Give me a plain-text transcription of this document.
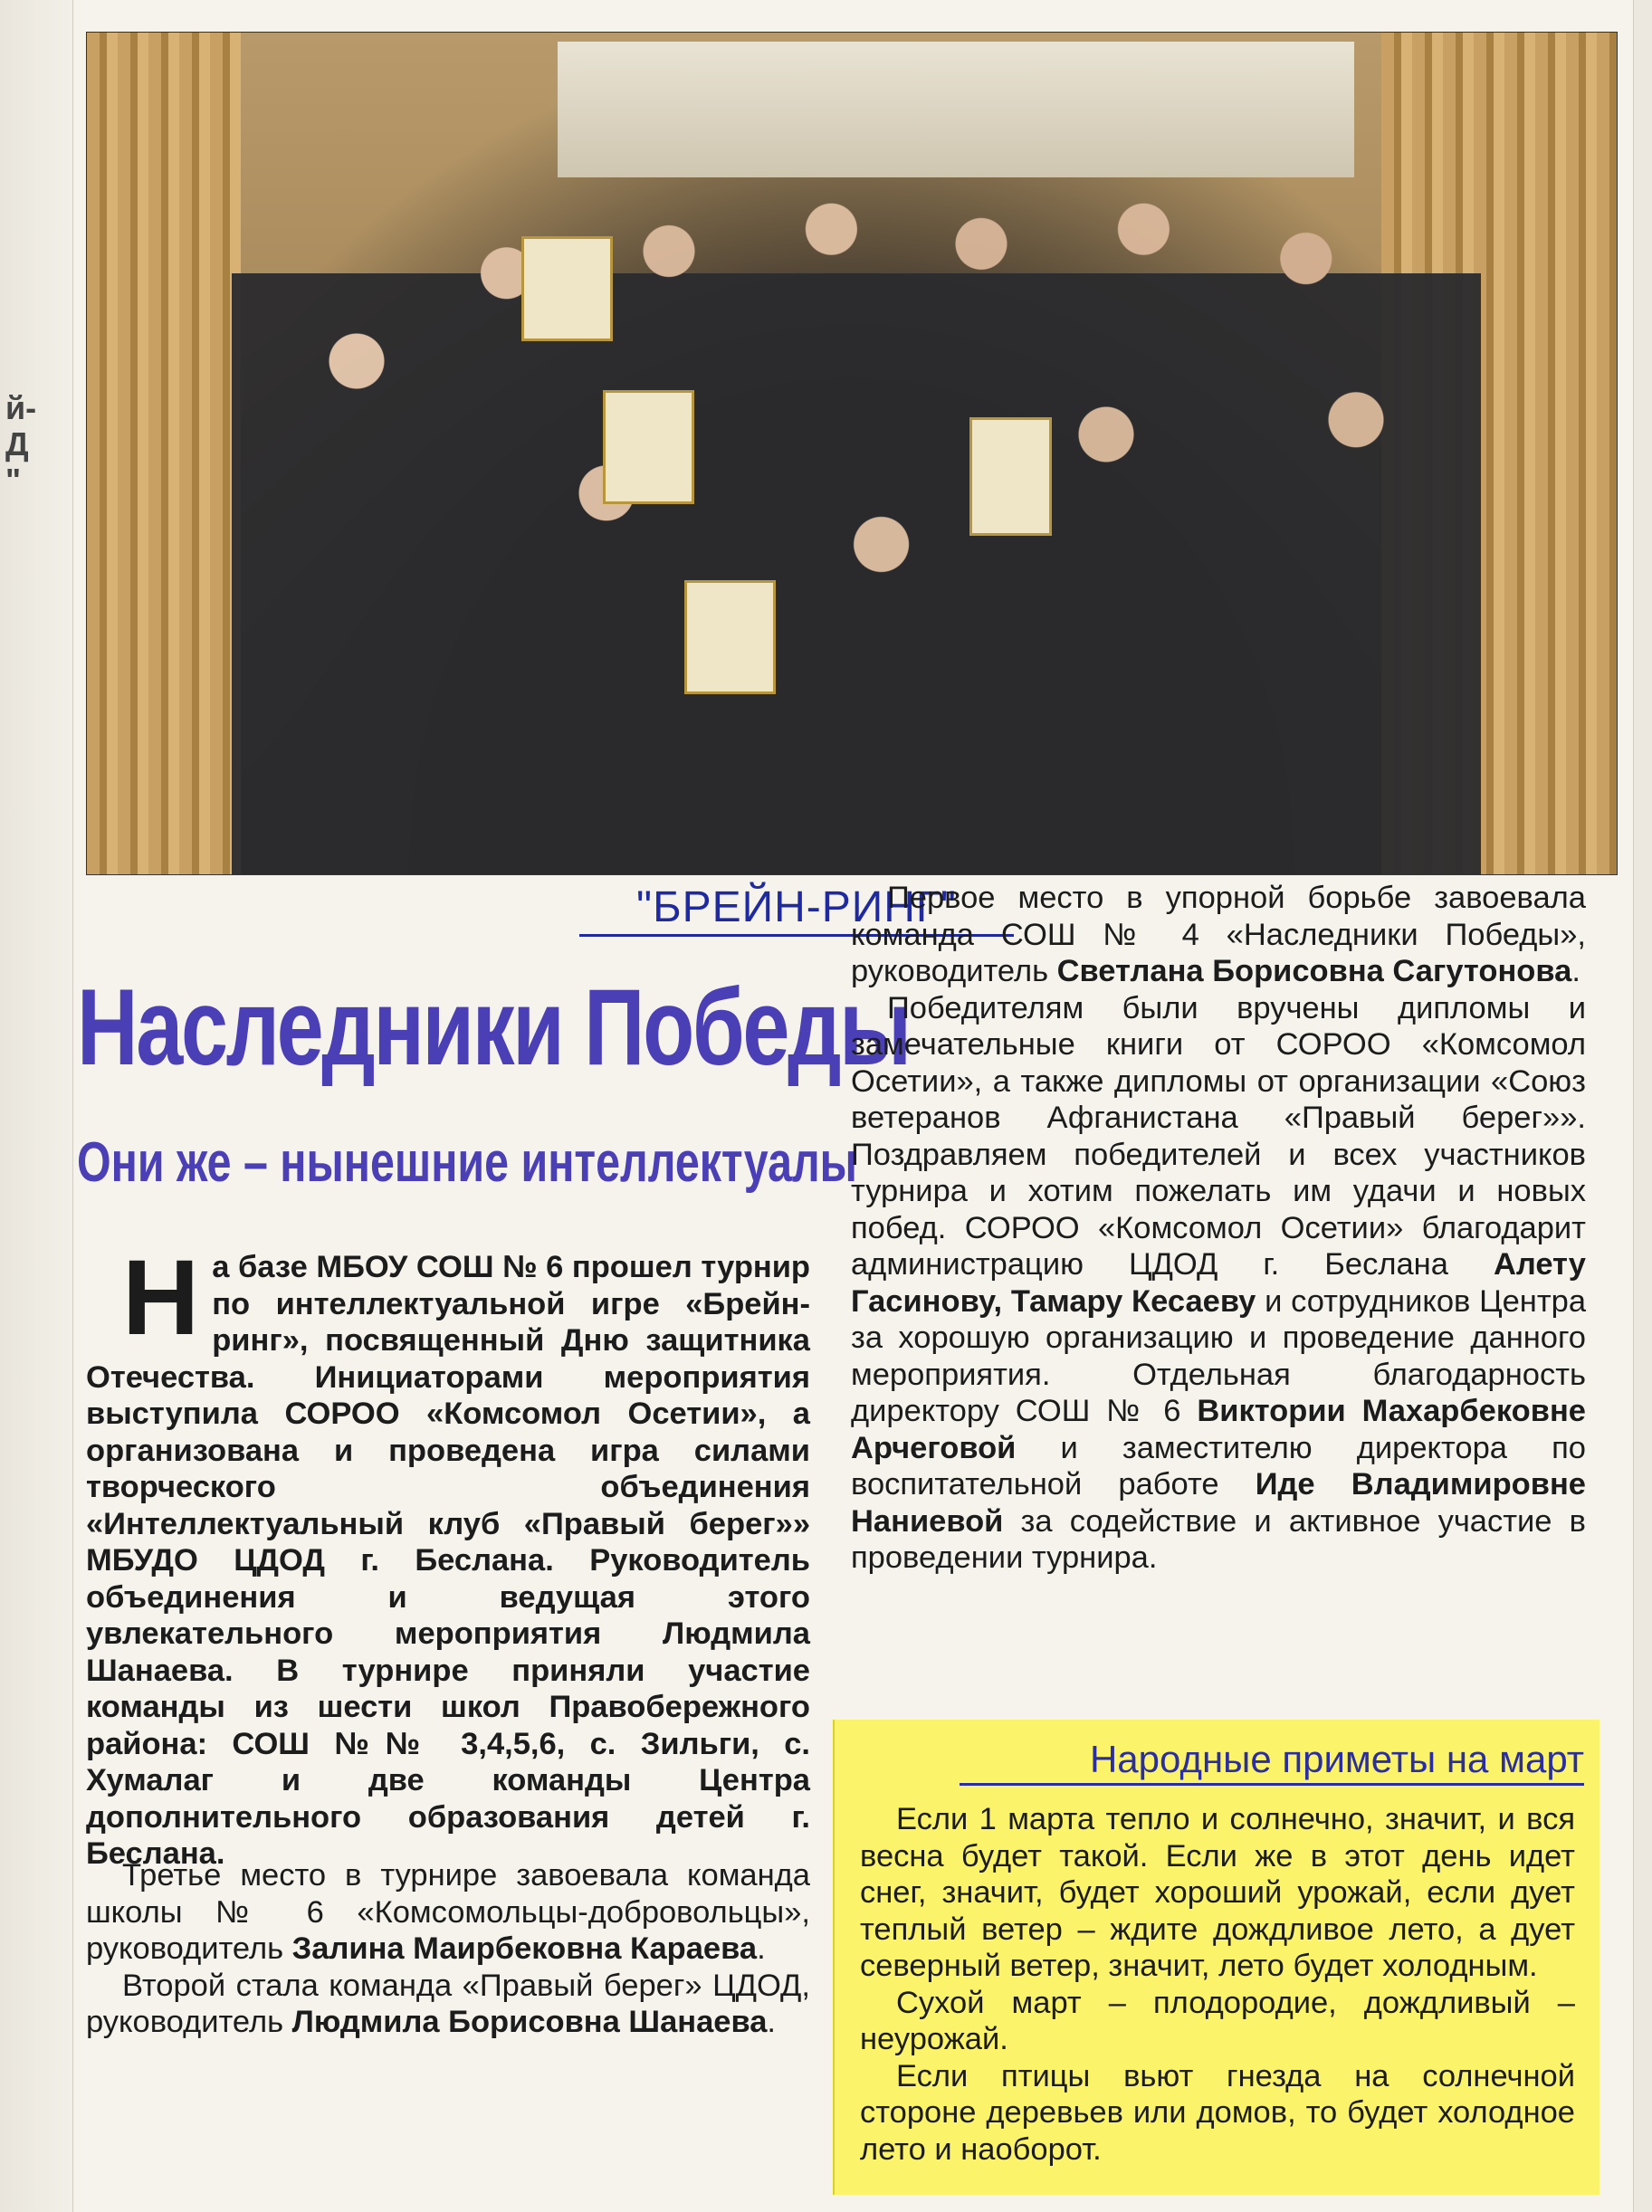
й-
Д
"
"БРЕЙН-РИНГ"
Наследники Победы
Они же – нынешние интеллектуалы

На базе МБОУ СОШ № 6 прошел турнир по интеллектуальной игре «Брейн-ринг», посвященный Дню защитника Отечества. Инициаторами мероприятия выступила СОРОО «Комсомол Осетии», а организована и проведена игра силами творческого объединения «Интеллектуальный клуб «Правый берег»» МБУДО ЦДОД г. Беслана. Руководитель объединения и ведущая этого увлекательного мероприятия Людмила Шанаева. В турнире приняли участие команды из шести школ Правобережного района: СОШ №№ 3,4,5,6, с. Зильги, с. Хумалаг и две команды Центра дополнительного образования детей г. Беслана.

Третье место в турнире завоевала команда школы № 6 «Комсомольцы-добровольцы», руководитель Залина Маирбековна Караева.

Второй стала команда «Правый берег» ЦДОД, руководитель Людмила Борисовна Шанаева.

Первое место в упорной борьбе завоевала команда СОШ № 4 «Наследники Победы», руководитель Светлана Борисовна Сагутонова.

Победителям были вручены дипломы и замечательные книги от СОРОО «Комсомол Осетии», а также дипломы от организации «Союз ветеранов Афганистана «Правый берег»». Поздравляем победителей и всех участников турнира и хотим пожелать им удачи и новых побед. СОРОО «Комсомол Осетии» благодарит администрацию ЦДОД г. Беслана Алету Гасинову, Тамару Кесаеву и сотрудников Центра за хорошую организацию и проведение данного мероприятия. Отдельная благодарность директору СОШ № 6 Виктории Махарбековне Арчеговой и заместителю директора по воспитательной работе Иде Владимировне Наниевой за содействие и активное участие в проведении турнира.

Народные приметы на март

Если 1 марта тепло и солнечно, значит, и вся весна будет такой. Если же в этот день идет снег, значит, будет хороший урожай, если дует теплый ветер – ждите дождливое лето, а дует северный ветер, значит, лето будет холодным.

Сухой март – плодородие, дождливый – неурожай.

Если птицы вьют гнезда на солнечной стороне деревьев или домов, то будет холодное лето и наоборот.
